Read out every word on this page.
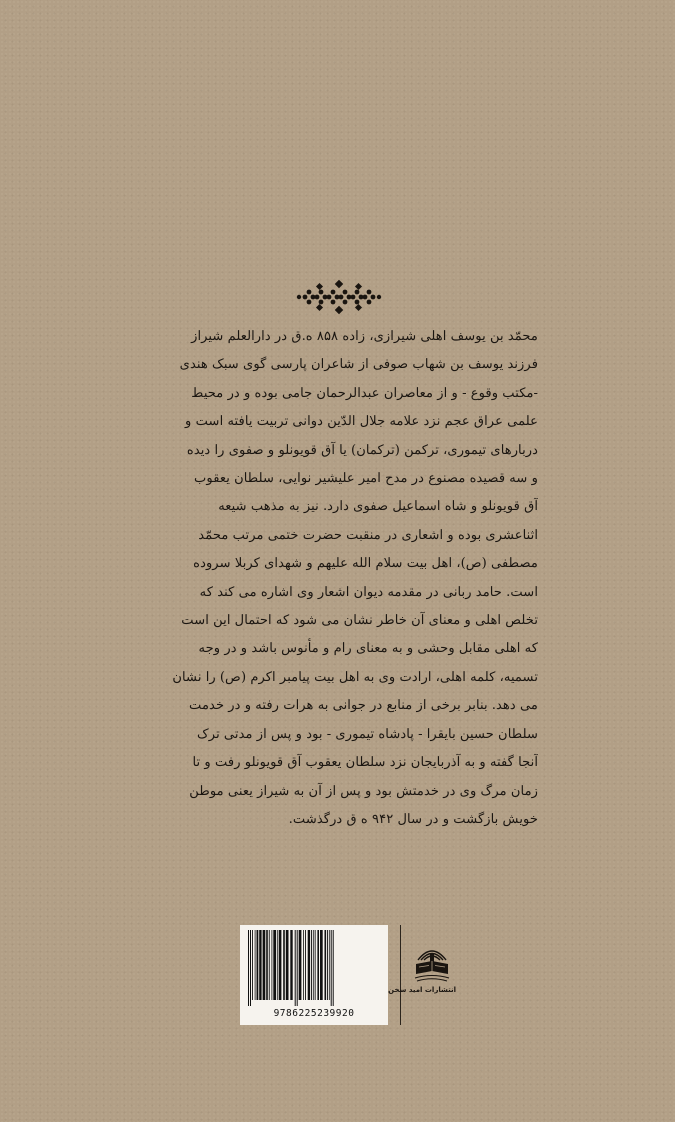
محمّد بن یوسف اهلی شیرازی، زاده ۸۵۸ ه.ق در دارالعلم شیراز
فرزند یوسف بن شهاب صوفی از شاعران پارسی گوی سبک هندی
-مکتب وقوع - و از معاصران عبدالرحمان جامی بوده و در محیط
علمی عراق عجم نزد علامه جلال الدّین دوانی تربیت یافته است و
دربارهای تیموری، ترکمن (ترکمان) یا آق قویونلو و صفوی را دیده
و سه قصیده مصنوع در مدح امیر علیشیر نوایی، سلطان یعقوب
آق قویونلو و شاه اسماعیل صفوی دارد. نیز به مذهب شیعه
اثناعشری بوده و اشعاری در منقبت حضرت ختمی مرتب محمّد
مصطفی (ص)، اهل بیت سلام الله علیهم و شهدای کربلا سروده
است. حامد ربانی در مقدمه دیوان اشعار وی اشاره می کند که
تخلص اهلی و معنای آن خاطر نشان می شود که احتمال این است
که اهلی مقابل وحشی و به معنای رام و مأنوس باشد و در وجه
تسمیه، کلمه اهلی، ارادت وی به اهل بیت پیامبر اکرم (ص) را نشان
می دهد. بنابر برخی از منابع در جوانی به هرات رفته و در خدمت
سلطان حسین بایقرا - پادشاه تیموری - بود و پس از مدتی ترک
آنجا گفته و به آذربایجان نزد سلطان یعقوب آق قویونلو رفت و تا
زمان مرگ وی در خدمتش بود و پس از آن به شیراز یعنی موطن
خویش بازگشت و در سال ۹۴۲ ه ق درگذشت.

9786225239920
انتشارات امید سخن
